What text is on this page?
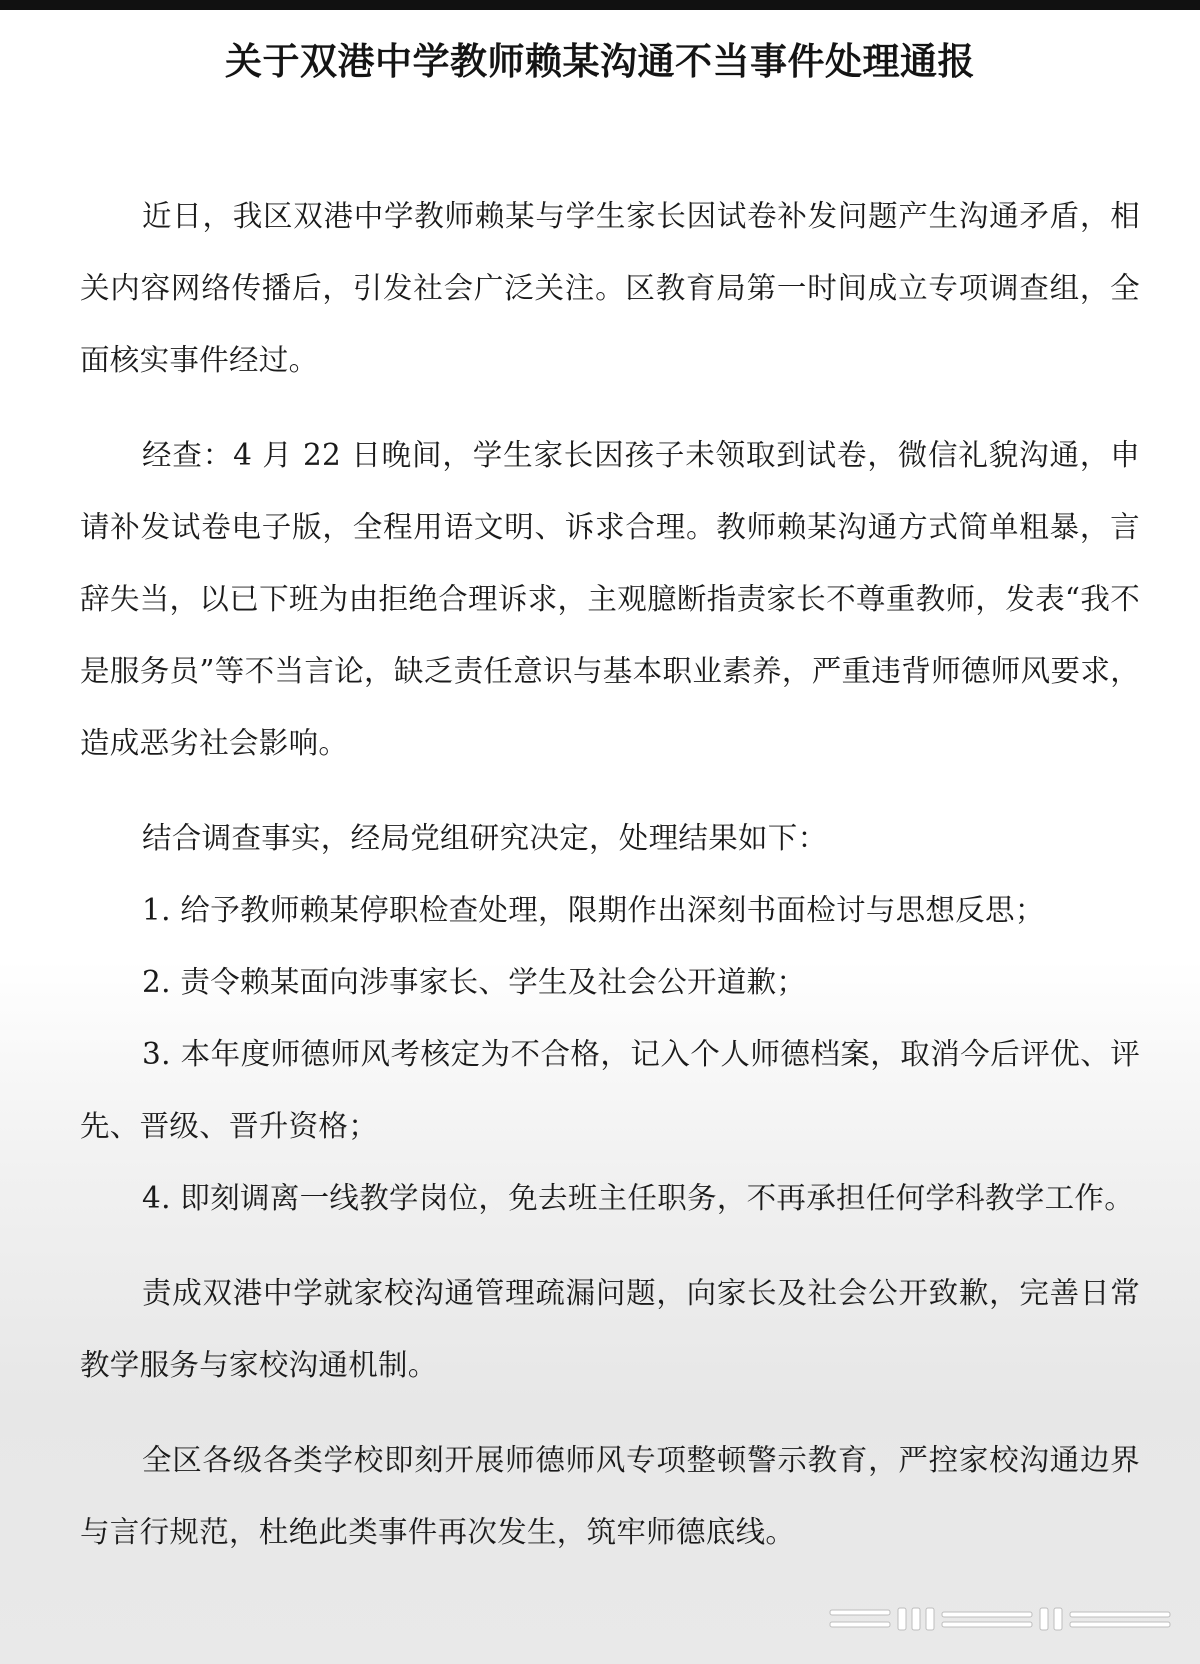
关于双港中学教师赖某沟通不当事件处理通报

近日，我区双港中学教师赖某与学生家长因试卷补发问题产生沟通矛盾，相关内容网络传播后，引发社会广泛关注。区教育局第一时间成立专项调查组，全面核实事件经过。

经查：4 月 22 日晚间，学生家长因孩子未领取到试卷，微信礼貌沟通，申请补发试卷电子版，全程用语文明、诉求合理。教师赖某沟通方式简单粗暴，言辞失当，以已下班为由拒绝合理诉求，主观臆断指责家长不尊重教师，发表“我不是服务员”等不当言论，缺乏责任意识与基本职业素养，严重违背师德师风要求，造成恶劣社会影响。

结合调查事实，经局党组研究决定，处理结果如下：

1. 给予教师赖某停职检查处理，限期作出深刻书面检讨与思想反思；

2. 责令赖某面向涉事家长、学生及社会公开道歉；

3. 本年度师德师风考核定为不合格，记入个人师德档案，取消今后评优、评先、晋级、晋升资格；

4. 即刻调离一线教学岗位，免去班主任职务，不再承担任何学科教学工作。

责成双港中学就家校沟通管理疏漏问题，向家长及社会公开致歉，完善日常教学服务与家校沟通机制。

全区各级各类学校即刻开展师德师风专项整顿警示教育，严控家校沟通边界与言行规范，杜绝此类事件再次发生，筑牢师德底线。
